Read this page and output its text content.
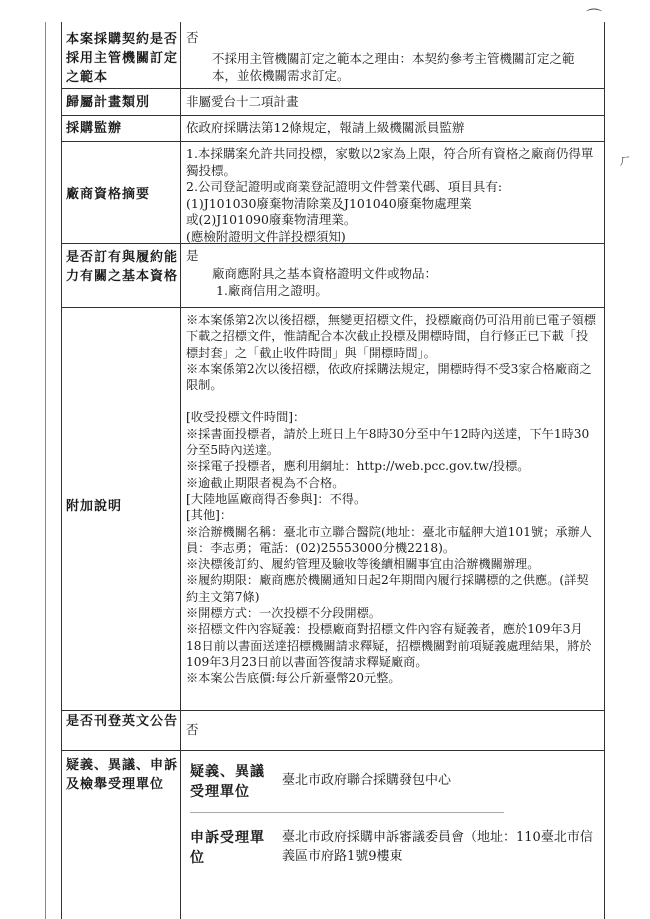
本案採購契約是否採用主管機關訂定之範本
否
不採用主管機關訂定之範本之理由：本契約參考主管機關訂定之範本，並依機關需求訂定。
歸屬計畫類別	非屬愛台十二項計畫
採購監辦	依政府採購法第12條規定，報請上級機關派員監辦
廠商資格摘要

1.本採購案允許共同投標，家數以2家為上限，符合所有資格之廠商仍得單獨投標。

2.公司登記證明或商業登記證明文件營業代碼、項目具有:

(1)J101030廢棄物清除業及J101040廢棄物處理業

或(2)J101090廢棄物清理業。

(應檢附證明文件詳投標須知)

是否訂有與履約能力有關之基本資格
是

廠商應附具之基本資格證明文件或物品：

1.廠商信用之證明。

附加說明

※本案係第2次以後招標，無變更招標文件，投標廠商仍可沿用前已電子領標下載之招標文件，惟請配合本次截止投標及開標時間，自行修正已下載「投標封套」之「截止收件時間」與「開標時間」。

※本案係第2次以後招標，依政府採購法規定，開標時得不受3家合格廠商之限制。

[收受投標文件時間]：

※採書面投標者，請於上班日上午8時30分至中午12時內送達，下午1時30分至5時內送達。

※採電子投標者，應利用網址：http://web.pcc.gov.tw/投標。

※逾截止期限者視為不合格。

[大陸地區廠商得否參與]：不得。

[其他]：

※洽辦機關名稱：臺北市立聯合醫院(地址：臺北市艋舺大道101號；承辦人員：李志勇；電話：(02)25553000分機2218)。

※決標後訂約、履約管理及驗收等後續相關事宜由洽辦機關辦理。

※履約期限：廠商應於機關通知日起2年期間內履行採購標的之供應。(詳契約主文第7條)

※開標方式：一次投標不分段開標。

※招標文件內容疑義：投標廠商對招標文件內容有疑義者，應於109年3月18日前以書面送達招標機關請求釋疑，招標機關對前項疑義處理結果，將於109年3月23日前以書面答復請求釋疑廠商。

※本案公告底價:每公斤新臺幣20元整。

是否刊登英文公告
否
疑義、異議、申訴及檢舉受理單位
疑義、異議受理單位
臺北市政府聯合採購發包中心
申訴受理單位
臺北市政府採購申訴審議委員會（地址：110臺北市信義區市府路1號9樓東
⌒
ㄏ
